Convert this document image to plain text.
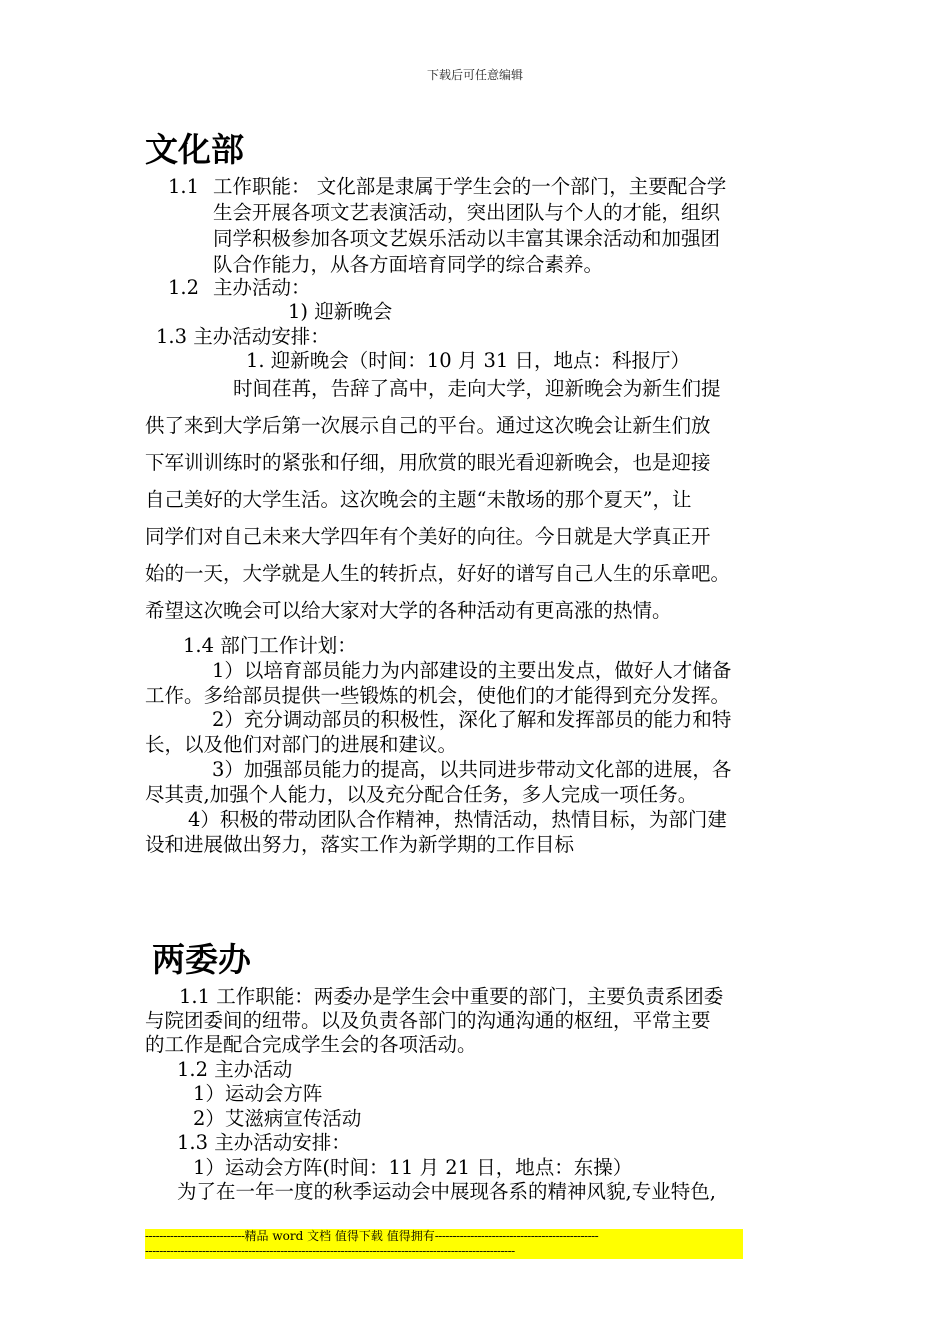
下载后可任意编辑
文化部
1.1 工作职能： 文化部是隶属于学生会的一个部门，主要配合学
生会开展各项文艺表演活动，突出团队与个人的才能，组织
同学积极参加各项文艺娱乐活动以丰富其课余活动和加强团
队合作能力，从各方面培育同学的综合素养。
1.2 主办活动：
1) 迎新晚会
1.3 主办活动安排：
1. 迎新晚会（时间：10 月 31 日，地点：科报厅）
时间荏苒，告辞了高中，走向大学，迎新晚会为新生们提
供了来到大学后第一次展示自己的平台。通过这次晚会让新生们放
下军训训练时的紧张和仔细，用欣赏的眼光看迎新晚会，也是迎接
自己美好的大学生活。这次晚会的主题“未散场的那个夏天”，让
同学们对自己未来大学四年有个美好的向往。今日就是大学真正开
始的一天，大学就是人生的转折点，好好的谱写自己人生的乐章吧。
希望这次晚会可以给大家对大学的各种活动有更高涨的热情。
1.4 部门工作计划：
1）以培育部员能力为内部建设的主要出发点，做好人才储备
工作。多给部员提供一些锻炼的机会，使他们的才能得到充分发挥。
2）充分调动部员的积极性，深化了解和发挥部员的能力和特
长，以及他们对部门的进展和建议。
3）加强部员能力的提高，以共同进步带动文化部的进展，各
尽其责,加强个人能力，以及充分配合任务，多人完成一项任务。
4）积极的带动团队合作精神，热情活动，热情目标，为部门建
设和进展做出努力，落实工作为新学期的工作目标
两委办
1.1 工作职能：两委办是学生会中重要的部门，主要负责系团委
与院团委间的纽带。以及负责各部门的沟通沟通的枢纽，平常主要
的工作是配合完成学生会的各项活动。
1.2 主办活动
1）运动会方阵
2）艾滋病宣传活动
1.3 主办活动安排：
1）运动会方阵(时间：11 月 21 日，地点：东操）
为了在一年一度的秋季运动会中展现各系的精神风貌,专业特色,
----------------------------精品 word 文档 值得下载 值得拥有----------------------------------------------
--------------------------------------------------------------------------------------------------------
